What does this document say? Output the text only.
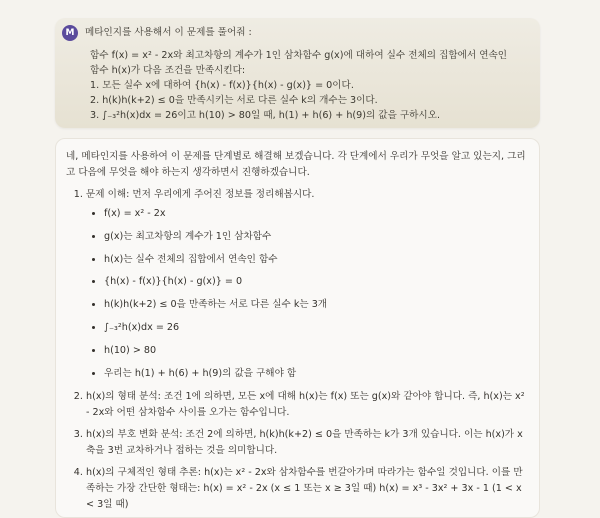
M	메타인지를 사용해서 이 문제를 풀어줘 :
함수 f(x) = x² - 2x와 최고차항의 계수가 1인 삼차함수 g(x)에 대하여 실수 전체의 집합에서 연속인
함수 h(x)가 다음 조건을 만족시킨다:
1. 모든 실수 x에 대하여 {h(x) - f(x)}{h(x) - g(x)} = 0이다.
2. h(k)h(k+2) ≤ 0을 만족시키는 서로 다른 실수 k의 개수는 3이다.
3. ∫₋₃²h(x)dx = 26이고 h(10) > 80일 때, h(1) + h(6) + h(9)의 값을 구하시오.
네, 메타인지를 사용하여 이 문제를 단계별로 해결해 보겠습니다. 각 단계에서 우리가 무엇을 알고 있는지, 그리고 다음에 무엇을 해야 하는지 생각하면서 진행하겠습니다.
1. 문제 이해: 먼저 우리에게 주어진 정보를 정리해봅시다.
• f(x) = x² - 2x
• g(x)는 최고차항의 계수가 1인 삼차함수
• h(x)는 실수 전체의 집합에서 연속인 함수
• {h(x) - f(x)}{h(x) - g(x)} = 0
• h(k)h(k+2) ≤ 0을 만족하는 서로 다른 실수 k는 3개
• ∫₋₃²h(x)dx = 26
• h(10) > 80
• 우리는 h(1) + h(6) + h(9)의 값을 구해야 함
2. h(x)의 형태 분석: 조건 1에 의하면, 모든 x에 대해 h(x)는 f(x) 또는 g(x)와 같아야 합니다. 즉, h(x)는 x² - 2x와 어떤 삼차함수 사이를 오가는 함수입니다.
3. h(x)의 부호 변화 분석: 조건 2에 의하면, h(k)h(k+2) ≤ 0을 만족하는 k가 3개 있습니다. 이는 h(x)가 x축을 3번 교차하거나 접하는 것을 의미합니다.
4. h(x)의 구체적인 형태 추론: h(x)는 x² - 2x와 삼차함수를 번갈아가며 따라가는 함수일 것입니다. 이를 만족하는 가장 간단한 형태는: h(x) = x² - 2x (x ≤ 1 또는 x ≥ 3일 때) h(x) = x³ - 3x² + 3x - 1 (1 < x < 3일 때)
